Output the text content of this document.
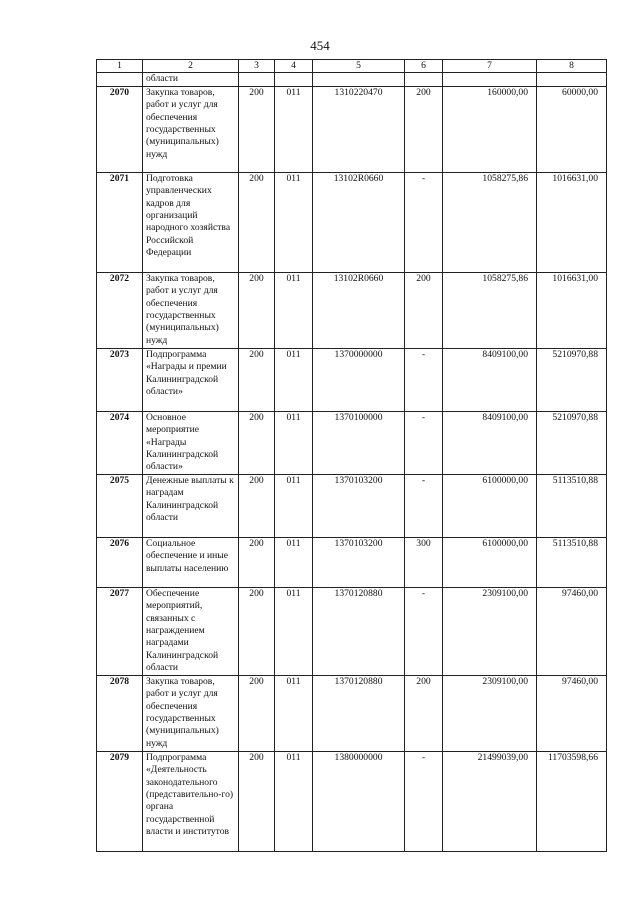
454
1	2	3	4	5	6	7	8
	области						
2070	Закупка товаров, работ и услуг для обеспечения государственных (муниципальных) нужд	200	011	1310220470	200	160000,00	60000,00
2071	Подготовка управленческих кадров для организаций народного хозяйства Российской Федерации	200	011	13102R0660	-	1058275,86	1016631,00
2072	Закупка товаров, работ и услуг для обеспечения государственных (муниципальных) нужд	200	011	13102R0660	200	1058275,86	1016631,00
2073	Подпрограмма «Награды и премии Калининградской области»	200	011	1370000000	-	8409100,00	5210970,88
2074	Основное мероприятие «Награды Калининградской области»	200	011	1370100000	-	8409100,00	5210970,88
2075	Денежные выплаты к наградам Калининградской области	200	011	1370103200	-	6100000,00	5113510,88
2076	Социальное обеспечение и иные выплаты населению	200	011	1370103200	300	6100000,00	5113510,88
2077	Обеспечение мероприятий, связанных с награждением наградами Калининградской области	200	011	1370120880	-	2309100,00	97460,00
2078	Закупка товаров, работ и услуг для обеспечения государственных (муниципальных) нужд	200	011	1370120880	200	2309100,00	97460,00
2079	Подпрограмма «Деятельность законодательного (представительно-го) органа государственной власти и институтов	200	011	1380000000	-	21499039,00	11703598,66
